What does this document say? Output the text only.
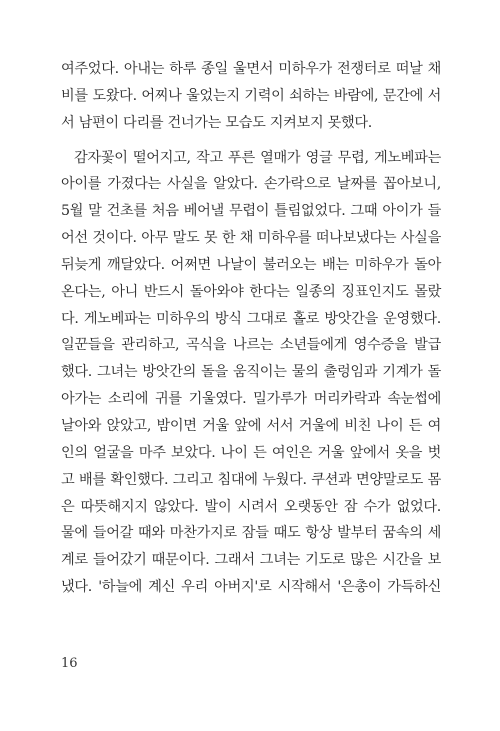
여주었다. 아내는 하루 종일 울면서 미하우가 전쟁터로 떠날 채
비를 도왔다. 어찌나 울었는지 기력이 쇠하는 바람에, 문간에 서
서 남편이 다리를 건너가는 모습도 지켜보지 못했다.
감자꽃이 떨어지고, 작고 푸른 열매가 영글 무렵, 게노베파는
아이를 가졌다는 사실을 알았다. 손가락으로 날짜를 꼽아보니,
5월 말 건초를 처음 베어낼 무렵이 틀림없었다. 그때 아이가 들
어선 것이다. 아무 말도 못 한 채 미하우를 떠나보냈다는 사실을
뒤늦게 깨달았다. 어쩌면 나날이 불러오는 배는 미하우가 돌아
온다는, 아니 반드시 돌아와야 한다는 일종의 징표인지도 몰랐
다. 게노베파는 미하우의 방식 그대로 홀로 방앗간을 운영했다.
일꾼들을 관리하고, 곡식을 나르는 소년들에게 영수증을 발급
했다. 그녀는 방앗간의 돌을 움직이는 물의 출렁임과 기계가 돌
아가는 소리에 귀를 기울였다. 밀가루가 머리카락과 속눈썹에
날아와 앉았고, 밤이면 거울 앞에 서서 거울에 비친 나이 든 여
인의 얼굴을 마주 보았다. 나이 든 여인은 거울 앞에서 옷을 벗
고 배를 확인했다. 그리고 침대에 누웠다. 쿠션과 면양말로도 몸
은 따뜻해지지 않았다. 발이 시려서 오랫동안 잠 수가 없었다.
물에 들어갈 때와 마찬가지로 잠들 때도 항상 발부터 꿈속의 세
계로 들어갔기 때문이다. 그래서 그녀는 기도로 많은 시간을 보
냈다. '하늘에 계신 우리 아버지'로 시작해서 '은총이 가득하신
16
